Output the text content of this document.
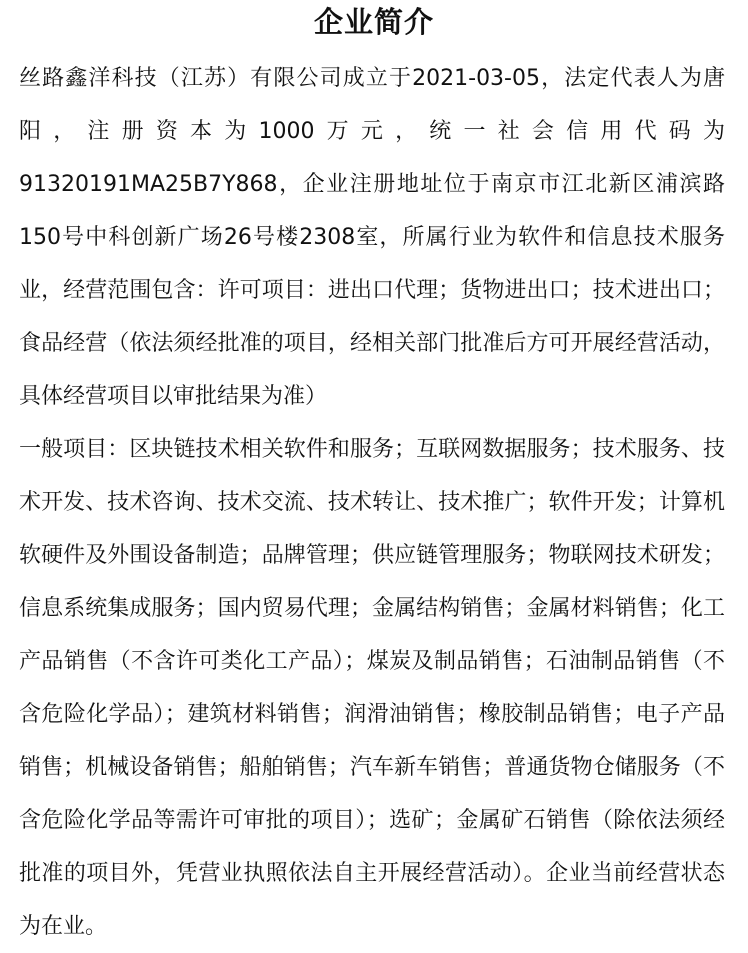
企业简介

丝路鑫洋科技（江苏）有限公司成立于2021-03-05，法定代表人为唐阳，注册资本为1000万元，统一社会信用代码为91320191MA25B7Y868，企业注册地址位于南京市江北新区浦滨路150号中科创新广场26号楼2308室，所属行业为软件和信息技术服务业，经营范围包含：许可项目：进出口代理；货物进出口；技术进出口；食品经营（依法须经批准的项目，经相关部门批准后方可开展经营活动，具体经营项目以审批结果为准）

一般项目：区块链技术相关软件和服务；互联网数据服务；技术服务、技术开发、技术咨询、技术交流、技术转让、技术推广；软件开发；计算机软硬件及外围设备制造；品牌管理；供应链管理服务；物联网技术研发；信息系统集成服务；国内贸易代理；金属结构销售；金属材料销售；化工产品销售（不含许可类化工产品）；煤炭及制品销售；石油制品销售（不含危险化学品）；建筑材料销售；润滑油销售；橡胶制品销售；电子产品销售；机械设备销售；船舶销售；汽车新车销售；普通货物仓储服务（不含危险化学品等需许可审批的项目）；选矿；金属矿石销售（除依法须经批准的项目外，凭营业执照依法自主开展经营活动）。企业当前经营状态为在业。
